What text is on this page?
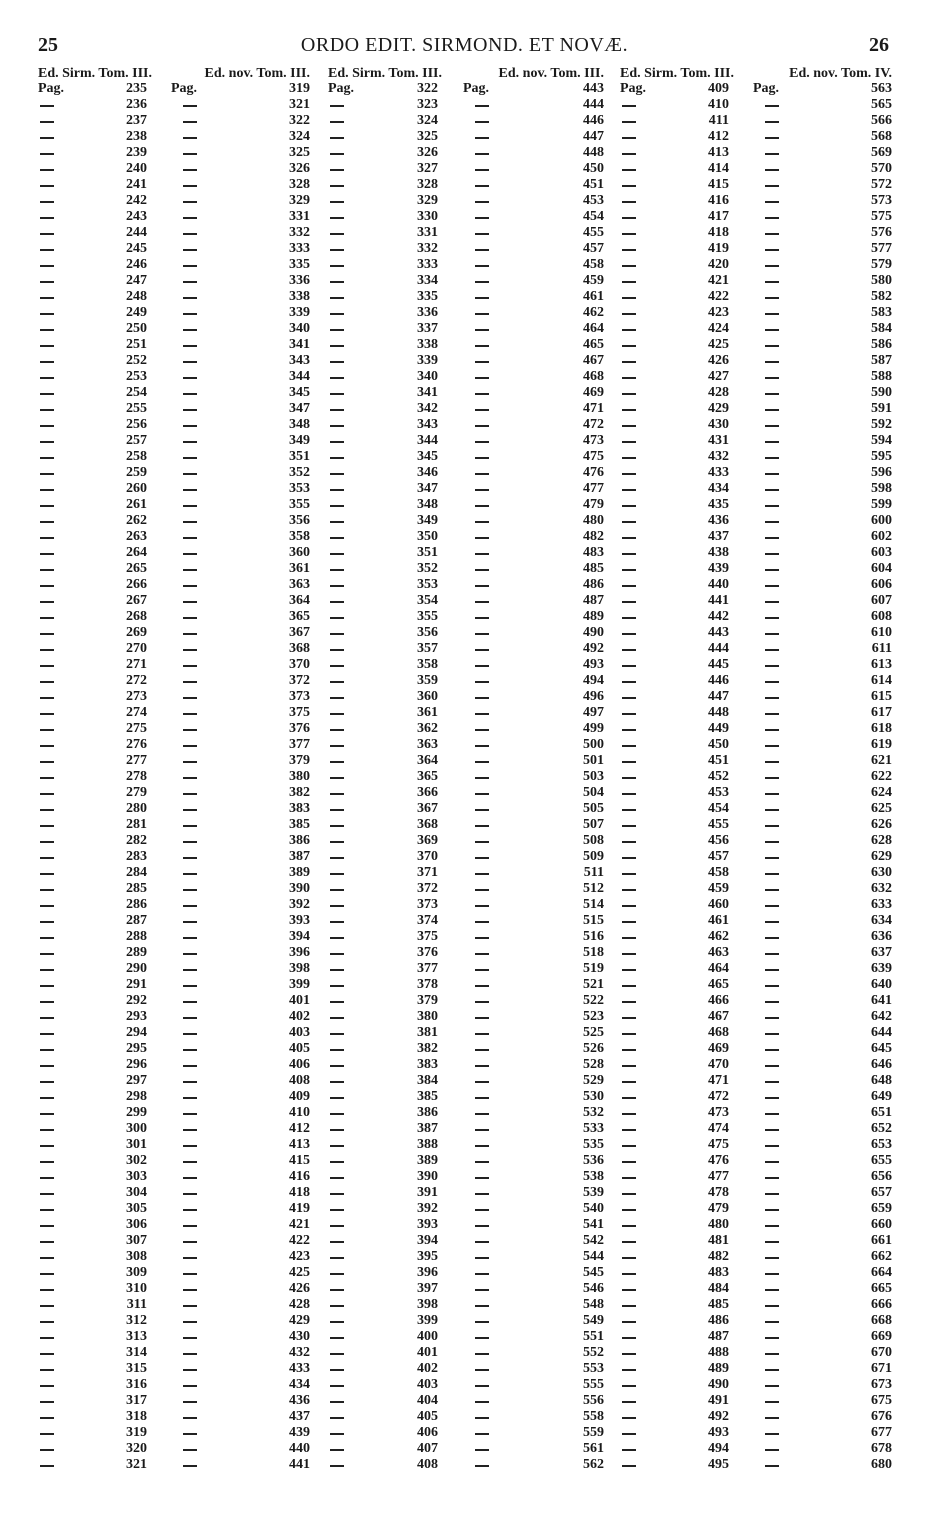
25	ORDO EDIT. SIRMOND. ET NOVÆ.	26
Ed. Sirm. Tom. III.	Ed. nov. Tom. III.
Pag.	Pag.
235	319
236	321
237	322
238	324
239	325
240	326
241	328
242	329
243	331
244	332
245	333
246	335
247	336
248	338
249	339
250	340
251	341
252	343
253	344
254	345
255	347
256	348
257	349
258	351
259	352
260	353
261	355
262	356
263	358
264	360
265	361
266	363
267	364
268	365
269	367
270	368
271	370
272	372
273	373
274	375
275	376
276	377
277	379
278	380
279	382
280	383
281	385
282	386
283	387
284	389
285	390
286	392
287	393
288	394
289	396
290	398
291	399
292	401
293	402
294	403
295	405
296	406
297	408
298	409
299	410
300	412
301	413
302	415
303	416
304	418
305	419
306	421
307	422
308	423
309	425
310	426
311	428
312	429
313	430
314	432
315	433
316	434
317	436
318	437
319	439
320	440
321	441
Ed. Sirm. Tom. III.	Ed. nov. Tom. III.
Pag.	Pag.
322	443
323	444
324	446
325	447
326	448
327	450
328	451
329	453
330	454
331	455
332	457
333	458
334	459
335	461
336	462
337	464
338	465
339	467
340	468
341	469
342	471
343	472
344	473
345	475
346	476
347	477
348	479
349	480
350	482
351	483
352	485
353	486
354	487
355	489
356	490
357	492
358	493
359	494
360	496
361	497
362	499
363	500
364	501
365	503
366	504
367	505
368	507
369	508
370	509
371	511
372	512
373	514
374	515
375	516
376	518
377	519
378	521
379	522
380	523
381	525
382	526
383	528
384	529
385	530
386	532
387	533
388	535
389	536
390	538
391	539
392	540
393	541
394	542
395	544
396	545
397	546
398	548
399	549
400	551
401	552
402	553
403	555
404	556
405	558
406	559
407	561
408	562
Ed. Sirm. Tom. III.	Ed. nov. Tom. IV.
Pag.	Pag.
409	563
410	565
411	566
412	568
413	569
414	570
415	572
416	573
417	575
418	576
419	577
420	579
421	580
422	582
423	583
424	584
425	586
426	587
427	588
428	590
429	591
430	592
431	594
432	595
433	596
434	598
435	599
436	600
437	602
438	603
439	604
440	606
441	607
442	608
443	610
444	611
445	613
446	614
447	615
448	617
449	618
450	619
451	621
452	622
453	624
454	625
455	626
456	628
457	629
458	630
459	632
460	633
461	634
462	636
463	637
464	639
465	640
466	641
467	642
468	644
469	645
470	646
471	648
472	649
473	651
474	652
475	653
476	655
477	656
478	657
479	659
480	660
481	661
482	662
483	664
484	665
485	666
486	668
487	669
488	670
489	671
490	673
491	675
492	676
493	677
494	678
495	680
